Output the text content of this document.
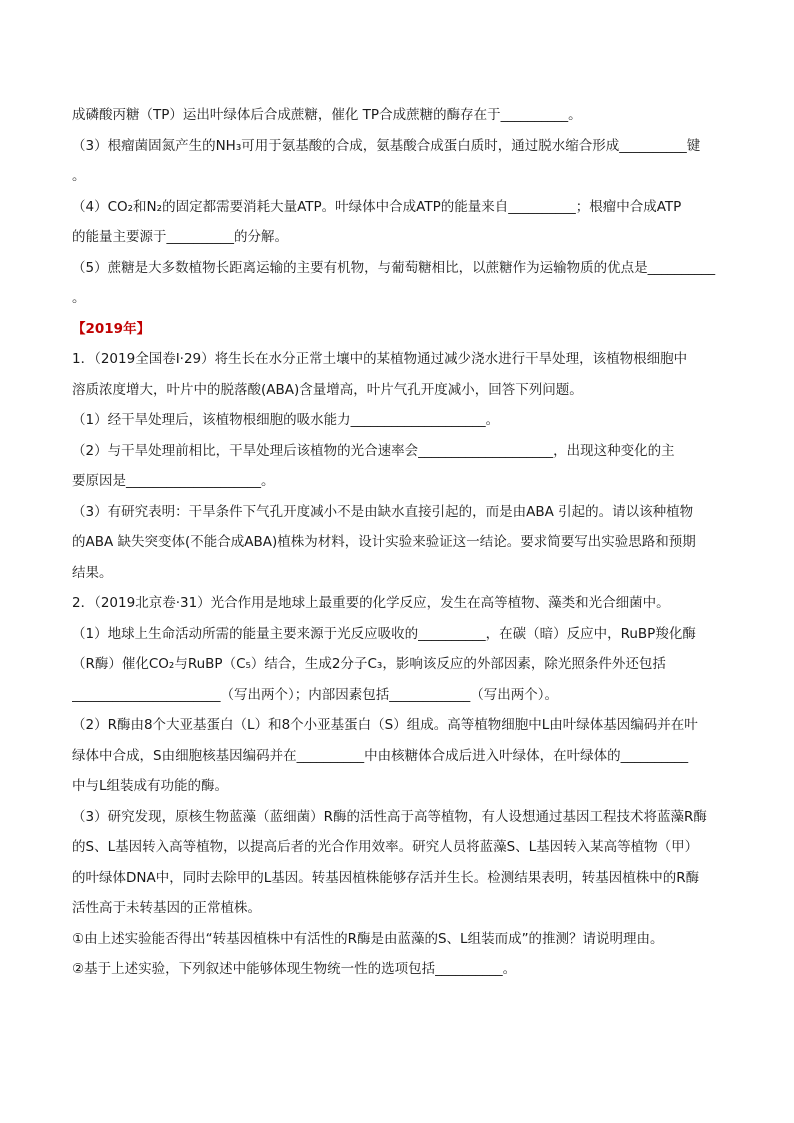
成磷酸丙糖（TP）运出叶绿体后合成蔗糖，催化 TP合成蔗糖的酶存在于__________。
（3）根瘤菌固氮产生的NH₃可用于氨基酸的合成，氨基酸合成蛋白质时，通过脱水缩合形成__________键
。
（4）CO₂和N₂的固定都需要消耗大量ATP。叶绿体中合成ATP的能量来自__________；根瘤中合成ATP
的能量主要源于__________的分解。
（5）蔗糖是大多数植物长距离运输的主要有机物，与葡萄糖相比，以蔗糖作为运输物质的优点是__________
。
【2019年】
1．（2019全国卷Ⅰ·29）将生长在水分正常土壤中的某植物通过减少浇水进行干旱处理，该植物根细胞中
溶质浓度增大，叶片中的脱落酸(ABA)含量增高，叶片气孔开度减小，回答下列问题。
（1）经干旱处理后，该植物根细胞的吸水能力____________________。
（2）与干旱处理前相比，干旱处理后该植物的光合速率会____________________，出现这种变化的主
要原因是____________________。
（3）有研究表明：干旱条件下气孔开度减小不是由缺水直接引起的，而是由ABA 引起的。请以该种植物
的ABA 缺失突变体(不能合成ABA)植株为材料，设计实验来验证这一结论。要求简要写出实验思路和预期
结果。
2．（2019北京卷·31）光合作用是地球上最重要的化学反应，发生在高等植物、藻类和光合细菌中。
（1）地球上生命活动所需的能量主要来源于光反应吸收的__________，在碳（暗）反应中，RuBP羧化酶
（R酶）催化CO₂与RuBP（C₅）结合，生成2分子C₃，影响该反应的外部因素，除光照条件外还包括
______________________（写出两个）；内部因素包括____________（写出两个）。
（2）R酶由8个大亚基蛋白（L）和8个小亚基蛋白（S）组成。高等植物细胞中L由叶绿体基因编码并在叶
绿体中合成，S由细胞核基因编码并在__________中由核糖体合成后进入叶绿体，在叶绿体的__________
中与L组装成有功能的酶。
（3）研究发现，原核生物蓝藻（蓝细菌）R酶的活性高于高等植物，有人设想通过基因工程技术将蓝藻R酶
的S、L基因转入高等植物，以提高后者的光合作用效率。研究人员将蓝藻S、L基因转入某高等植物（甲）
的叶绿体DNA中，同时去除甲的L基因。转基因植株能够存活并生长。检测结果表明，转基因植株中的R酶
活性高于未转基因的正常植株。
①由上述实验能否得出“转基因植株中有活性的R酶是由蓝藻的S、L组装而成”的推测？请说明理由。
②基于上述实验，下列叙述中能够体现生物统一性的选项包括__________。
